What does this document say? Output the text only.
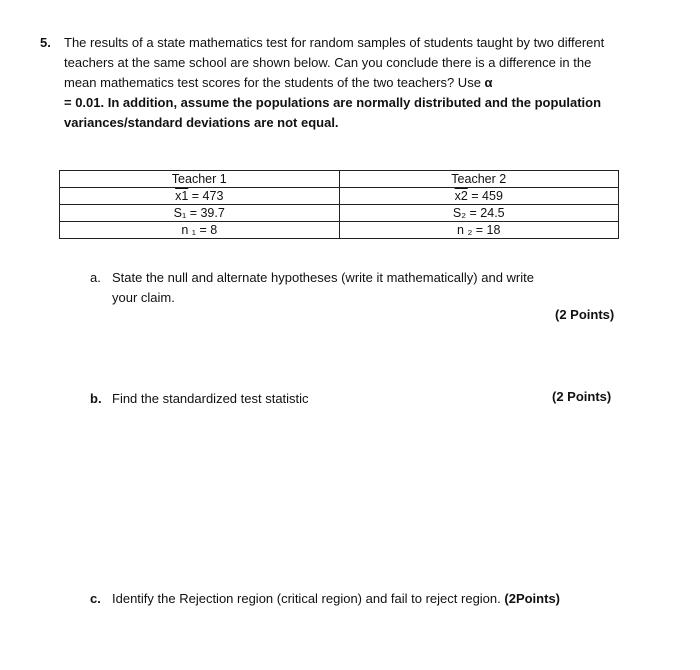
5. The results of a state mathematics test for random samples of students taught by two different teachers at the same school are shown below. Can you conclude there is a difference in the mean mathematics test scores for the students of the two teachers? Use α
= 0.01. In addition, assume the populations are normally distributed and the population variances/standard deviations are not equal.
Teacher 1	Teacher 2
x1 = 473	x2 = 459
S₁ = 39.7	S₂ = 24.5
n ₁ = 8	n ₂ = 18
a. State the null and alternate hypotheses (write it mathematically) and write
your claim.
(2 Points)
b. Find the standardized test statistic	(2 Points)
c. Identify the Rejection region (critical region) and fail to reject region. (2Points)
